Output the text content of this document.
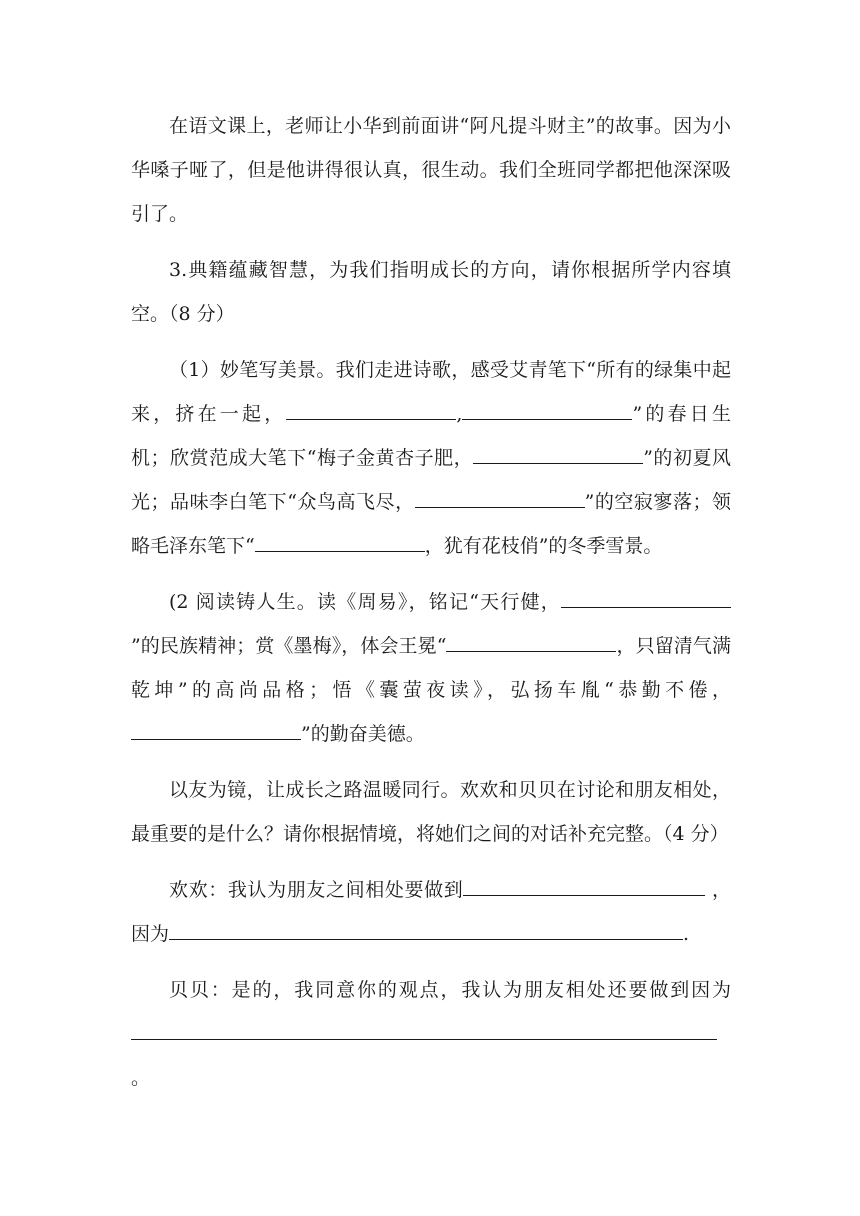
在语文课上，老师让小华到前面讲“阿凡提斗财主”的故事。因为小华嗓子哑了，但是他讲得很认真，很生动。我们全班同学都把他深深吸引了。

3.典籍蕴藏智慧，为我们指明成长的方向，请你根据所学内容填空。（8 分）

（1）妙笔写美景。我们走进诗歌，感受艾青笔下“所有的绿集中起来，挤在一起，	,	”的春日生机；欣赏范成大笔下“梅子金黄杏子肥，	”的初夏风光；品味李白笔下“众鸟高飞尽，	”的空寂寥落；领略毛泽东笔下“	，犹有花枝俏”的冬季雪景。

(2 阅读铸人生。读《周易》，铭记“天行健，”的民族精神；赏《墨梅》，体会王冕“	，只留清气满乾坤”的高尚品格；悟《囊萤夜读》，弘扬车胤“恭勤不倦，”的勤奋美德。

以友为镜，让成长之路温暖同行。欢欢和贝贝在讨论和朋友相处，最重要的是什么？请你根据情境，将她们之间的对话补充完整。（4 分）

欢欢：我认为朋友之间相处要做到	，因为	.

贝贝：是的，我同意你的观点，我认为朋友相处还要做到因为。
